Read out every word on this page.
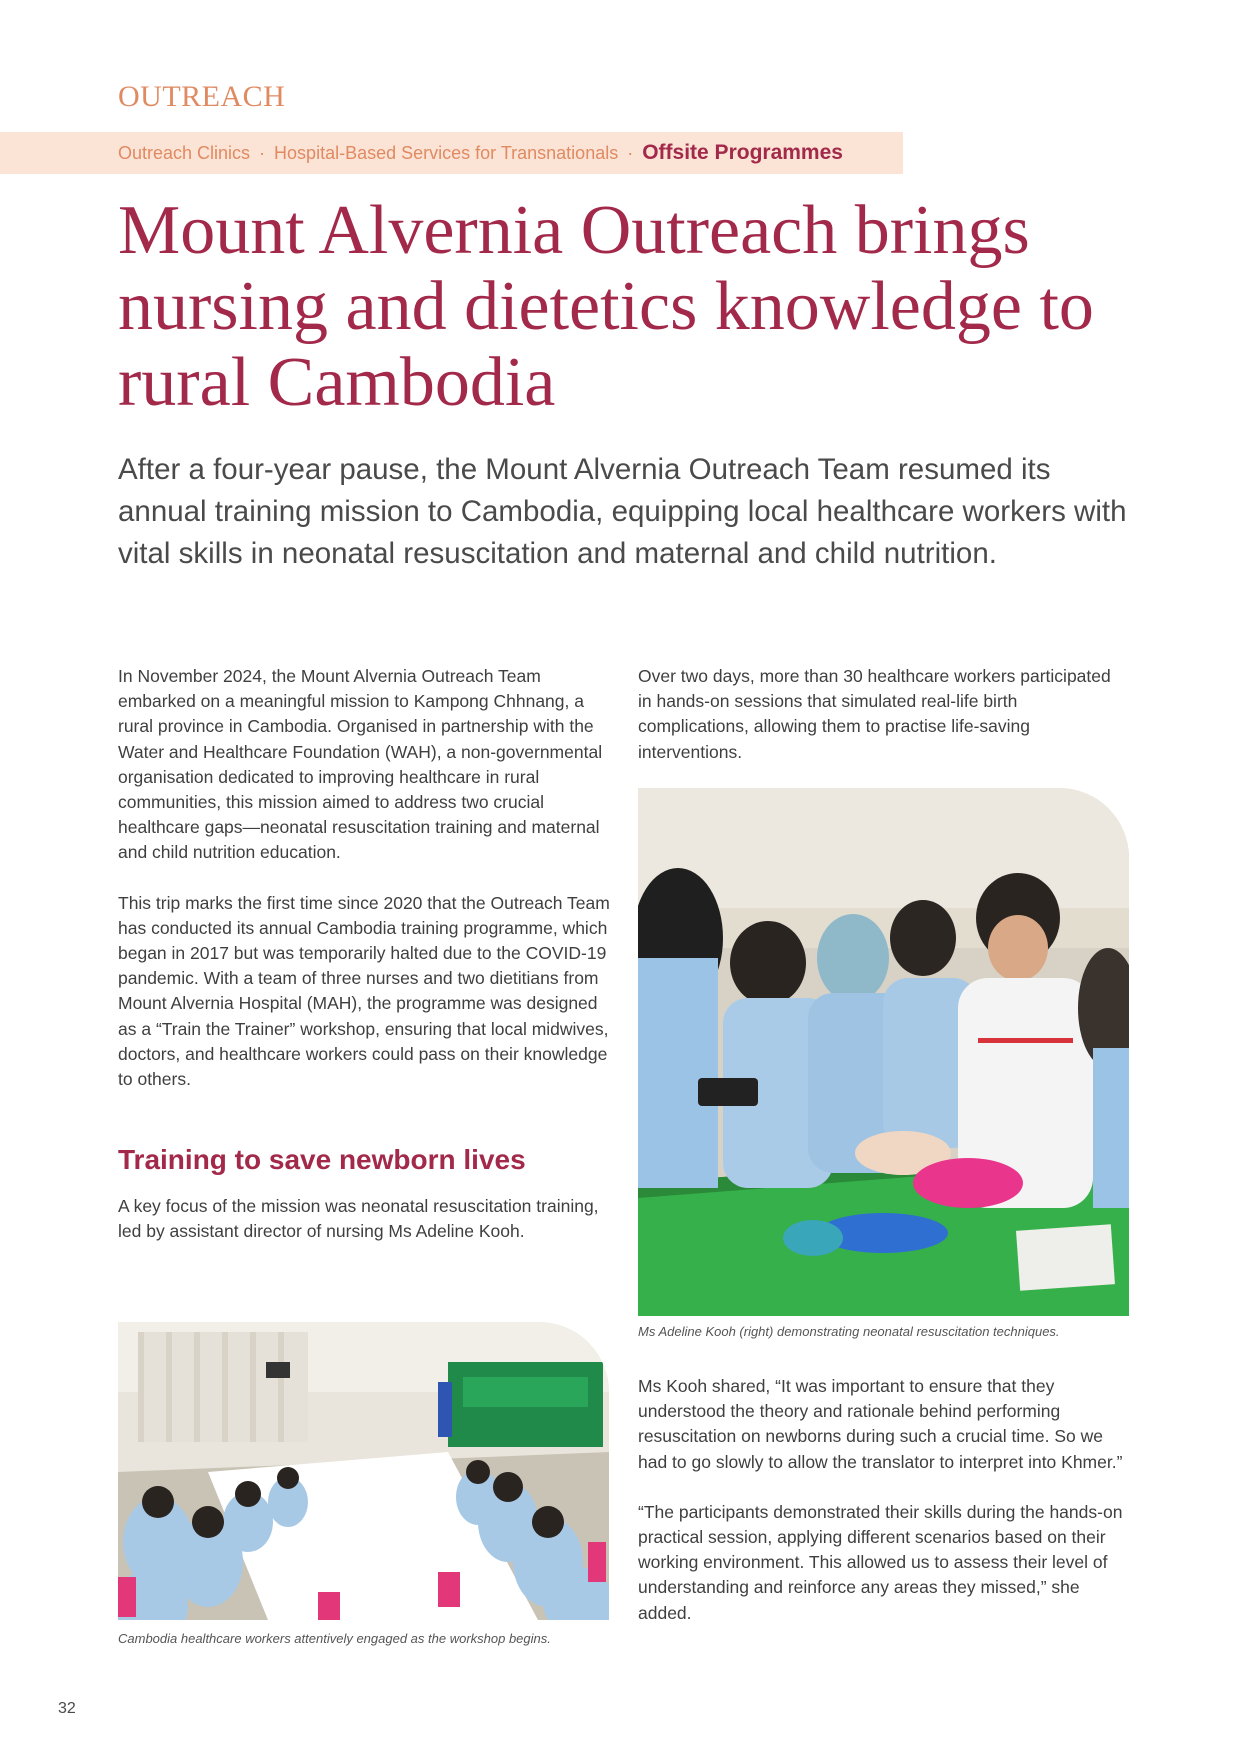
OUTREACH
Outreach Clinics · Hospital-Based Services for Transnationals · Offsite Programmes
Mount Alvernia Outreach brings nursing and dietetics knowledge to rural Cambodia

After a four-year pause, the Mount Alvernia Outreach Team resumed its annual training mission to Cambodia, equipping local healthcare workers with vital skills in neonatal resuscitation and maternal and child nutrition.

In November 2024, the Mount Alvernia Outreach Team embarked on a meaningful mission to Kampong Chhnang, a rural province in Cambodia. Organised in partnership with the Water and Healthcare Foundation (WAH), a non-governmental organisation dedicated to improving healthcare in rural communities, this mission aimed to address two crucial healthcare gaps—neonatal resuscitation training and maternal and child nutrition education.

This trip marks the first time since 2020 that the Outreach Team has conducted its annual Cambodia training programme, which began in 2017 but was temporarily halted due to the COVID-19 pandemic. With a team of three nurses and two dietitians from Mount Alvernia Hospital (MAH), the programme was designed as a “Train the Trainer” workshop, ensuring that local midwives, doctors, and healthcare workers could pass on their knowledge to others.

Training to save newborn lives

A key focus of the mission was neonatal resuscitation training, led by assistant director of nursing Ms Adeline Kooh.

Over two days, more than 30 healthcare workers participated in hands-on sessions that simulated real-life birth complications, allowing them to practise life-saving interventions.

Ms Adeline Kooh (right) demonstrating neonatal resuscitation techniques.

Ms Kooh shared, “It was important to ensure that they understood the theory and rationale behind performing resuscitation on newborns during such a crucial time. So we had to go slowly to allow the translator to interpret into Khmer.”

“The participants demonstrated their skills during the hands-on practical session, applying different scenarios based on their working environment. This allowed us to assess their level of understanding and reinforce any areas they missed,” she added.

Cambodia healthcare workers attentively engaged as the workshop begins.
32
